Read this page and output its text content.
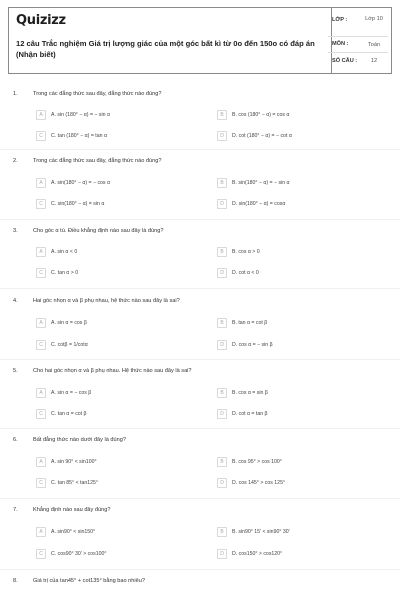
Quizizz
12 câu Trắc nghiệm Giá trị lượng giác của một góc bất kì từ 0o đến 150o có đáp án (Nhận biết)
LỚP :	Lớp 10
MÔN :	Toán
SỐ CÂU :	12
1.	Trong các đẳng thức sau đây, đẳng thức nào đúng?
A	A. sin (180° − α) = − sin α	B	B. cos (180° − α) = cos α
C	C. tan (180° − α) = tan α	D	D. cot (180° − α) = − cot α
2.	Trong các đẳng thức sau đây, đẳng thức nào đúng?
A	A. sin(180° − α) = − cos α	B	B. sin(180° − α) = − sin α
C	C. sin(180° − α) = sin α	D	D. sin(180° − α) = cosα
3.	Cho góc α tù. Điều khẳng định nào sau đây là đúng?
A	A. sin α < 0	B	B. cos α > 0
C	C. tan α > 0	D	D. cot α < 0
4.	Hai góc nhọn α và β phụ nhau, hệ thức nào sau đây là sai?
A	A. sin α = cos β	B	B. tan α = cot β
C	C. cotβ = 1/cotα	D	D. cos α = − sin β
5.	Cho hai góc nhọn α và β phụ nhau. Hệ thức nào sau đây là sai?
A	A. sin α = − cos β	B	B. cos α = sin β
C	C. tan α = cot β	D	D. cot α = tan β
6.	Bất đẳng thức nào dưới đây là đúng?
A	A. sin 90° < sin100°	B	B. cos 95° > cos 100°
C	C. tan 85° < tan125°	D	D. cos 145° > cos 125°
7.	Khẳng định nào sau đây đúng?
A	A. sin90° < sin150°	B	B. sin90° 15' < sin90° 30'
C	C. cos90° 30' > cos100°	D	D. cos150° > cos120°
8.	Giá trị của tan45° + cot135° bằng bao nhiêu?
